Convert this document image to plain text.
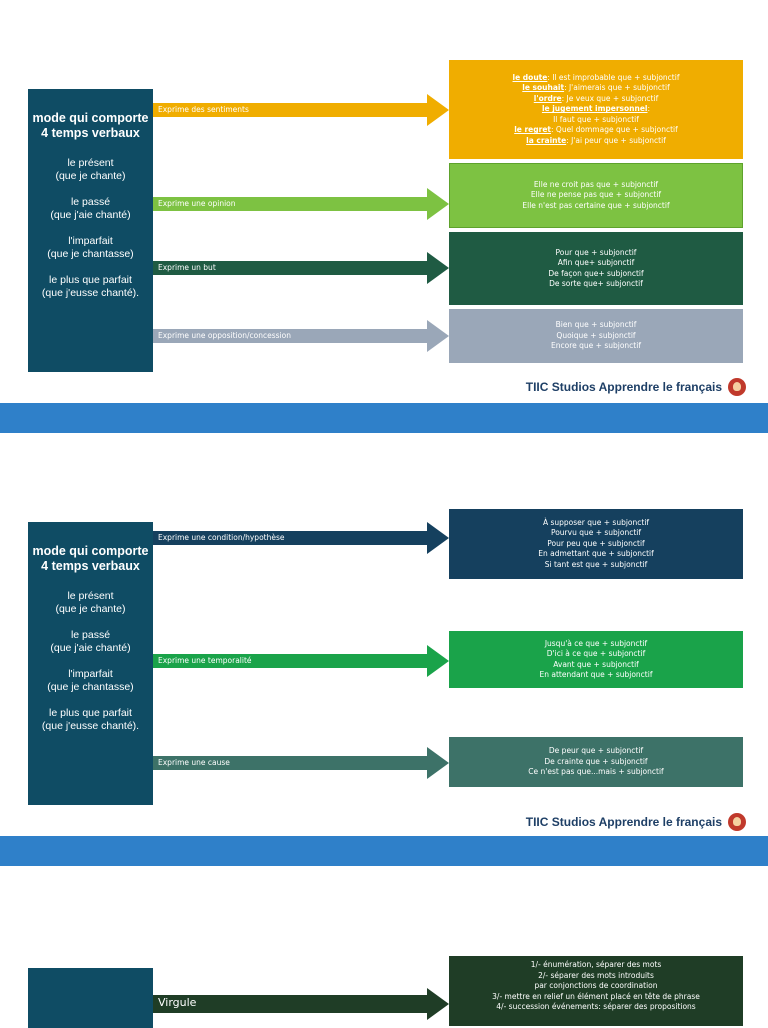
mode qui comporte 4 temps verbaux
le présent
(que je chante)
le passé
(que j'aie chanté)
l'imparfait
(que je chantasse)
le plus que parfait
(que j'eusse chanté).
Exprime des sentiments
le doute: Il est improbable que + subjonctif
le souhait: J'aimerais que + subjonctif
l'ordre: Je veux que + subjonctif
le jugement impersonnel:
Il faut que + subjonctif
le regret: Quel dommage que + subjonctif
la crainte: J'ai peur que + subjonctif
Exprime une opinion
Elle ne croit pas que + subjonctif
Elle ne pense pas que + subjonctif
Elle n'est pas certaine que + subjonctif
Exprime un but
Pour que + subjonctif
Afin que+ subjonctif
De façon que+ subjonctif
De sorte que+ subjonctif
Exprime une opposition/concession
Bien que + subjonctif
Quoique + subjonctif
Encore que + subjonctif
TIIC Studios Apprendre le français
mode qui comporte 4 temps verbaux
le présent
(que je chante)
le passé
(que j'aie chanté)
l'imparfait
(que je chantasse)
le plus que parfait
(que j'eusse chanté).
Exprime une condition/hypothèse
À supposer que + subjonctif
Pourvu que + subjonctif
Pour peu que + subjonctif
En admettant que + subjonctif
Si tant est que + subjonctif
Exprime une temporalité
Jusqu'à ce que + subjonctif
D'ici à ce que + subjonctif
Avant que + subjonctif
En attendant que + subjonctif
Exprime une cause
De peur que + subjonctif
De crainte que + subjonctif
Ce n'est pas que...mais + subjonctif
TIIC Studios Apprendre le français
Virgule
1/- énumération, séparer des mots
2/- séparer des mots introduits
par conjonctions de coordination
3/- mettre en relief un élément placé en tête de phrase
4/- succession événements: séparer des propositions
